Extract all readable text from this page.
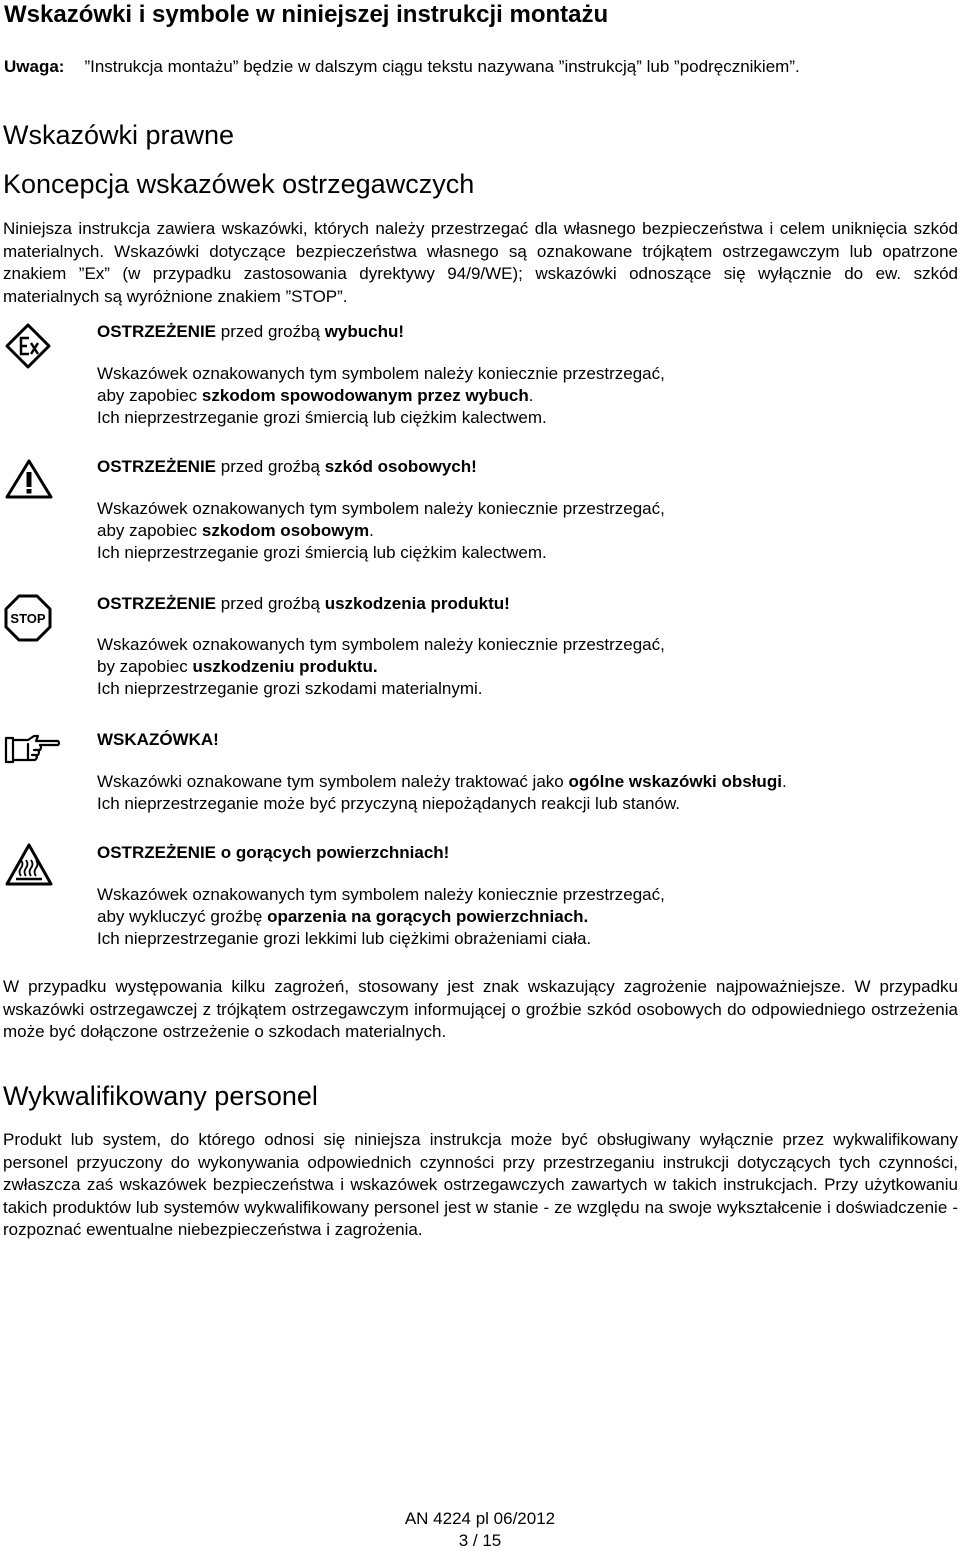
Wskazówki i symbole w niniejszej instrukcji montażu
Uwaga: ”Instrukcja montażu” będzie w dalszym ciągu tekstu nazywana ”instrukcją” lub ”podręcznikiem”.
Wskazówki prawne
Koncepcja wskazówek ostrzegawczych
Niniejsza instrukcja zawiera wskazówki, których należy przestrzegać dla własnego bezpieczeństwa i celem uniknięcia szkód materialnych. Wskazówki dotyczące bezpieczeństwa własnego są oznakowane trójkątem ostrzegawczym lub opatrzone znakiem ”Ex” (w przypadku zastosowania dyrektywy 94/9/WE); wskazówki odnoszące się wyłącznie do ew. szkód materialnych są wyróżnione znakiem ”STOP”.
OSTRZEŻENIE przed groźbą wybuchu!
Wskazówek oznakowanych tym symbolem należy koniecznie przestrzegać,
aby zapobiec szkodom spowodowanym przez wybuch.
Ich nieprzestrzeganie grozi śmiercią lub ciężkim kalectwem.
OSTRZEŻENIE przed groźbą szkód osobowych!
Wskazówek oznakowanych tym symbolem należy koniecznie przestrzegać,
aby zapobiec szkodom osobowym.
Ich nieprzestrzeganie grozi śmiercią lub ciężkim kalectwem.
STOP
OSTRZEŻENIE przed groźbą uszkodzenia produktu!
Wskazówek oznakowanych tym symbolem należy koniecznie przestrzegać,
by zapobiec uszkodzeniu produktu.
Ich nieprzestrzeganie grozi szkodami materialnymi.
WSKAZÓWKA!
Wskazówki oznakowane tym symbolem należy traktować jako ogólne wskazówki obsługi.
Ich nieprzestrzeganie może być przyczyną niepożądanych reakcji lub stanów.
OSTRZEŻENIE o gorących powierzchniach!
Wskazówek oznakowanych tym symbolem należy koniecznie przestrzegać,
aby wykluczyć groźbę oparzenia na gorących powierzchniach.
Ich nieprzestrzeganie grozi lekkimi lub ciężkimi obrażeniami ciała.
W przypadku występowania kilku zagrożeń, stosowany jest znak wskazujący zagrożenie najpoważniejsze. W przypadku wskazówki ostrzegawczej z trójkątem ostrzegawczym informującej o groźbie szkód osobowych do odpowiedniego ostrzeżenia może być dołączone ostrzeżenie o szkodach materialnych.
Wykwalifikowany personel
Produkt lub system, do którego odnosi się niniejsza instrukcja może być obsługiwany wyłącznie przez wykwalifikowany personel przyuczony do wykonywania odpowiednich czynności przy przestrzeganiu instrukcji dotyczących tych czynności, zwłaszcza zaś wskazówek bezpieczeństwa i wskazówek ostrzegawczych zawartych w takich instrukcjach. Przy użytkowaniu takich produktów lub systemów wykwalifikowany personel jest w stanie - ze względu na swoje wykształcenie i doświadczenie - rozpoznać ewentualne niebezpieczeństwa i zagrożenia.
AN 4224 pl 06/2012
3 / 15
